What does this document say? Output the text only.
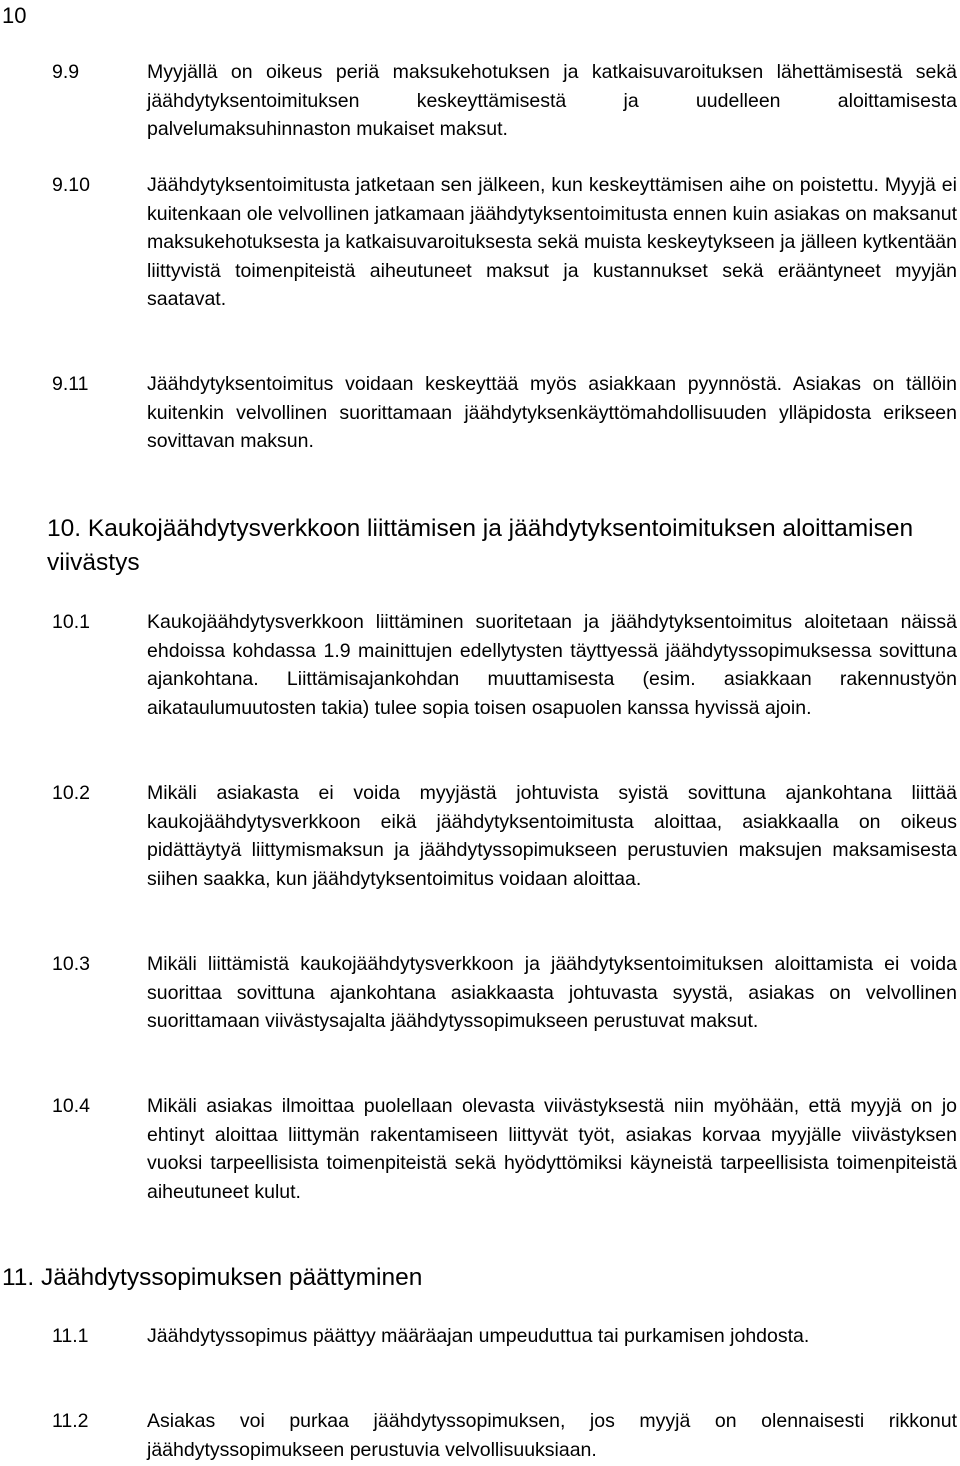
10
9.9	Myyjällä on oikeus periä maksukehotuksen ja katkaisuvaroituksen lähettämisestä sekä jäähdytyksentoimituksen keskeyttämisestä ja uudelleen aloittamisesta palvelumaksuhinnaston mukaiset maksut.
9.10	Jäähdytyksentoimitusta jatketaan sen jälkeen, kun keskeyttämisen aihe on poistettu. Myyjä ei kuitenkaan ole velvollinen jatkamaan jäähdytyksentoimitusta ennen kuin asiakas on maksanut maksukehotuksesta ja katkaisuvaroituksesta sekä muista keskeytykseen ja jälleen kytkentään liittyvistä toimenpiteistä aiheutuneet maksut ja kustannukset sekä erääntyneet myyjän saatavat.
9.11	Jäähdytyksentoimitus voidaan keskeyttää myös asiakkaan pyynnöstä. Asiakas on tällöin kuitenkin velvollinen suorittamaan jäähdytyksenkäyttömahdollisuuden ylläpidosta erikseen sovittavan maksun.
10. Kaukojäähdytysverkkoon liittämisen ja jäähdytyksentoimituksen aloittamisen viivästys
10.1	Kaukojäähdytysverkkoon liittäminen suoritetaan ja jäähdytyksentoimitus aloitetaan näissä ehdoissa kohdassa 1.9 mainittujen edellytysten täyttyessä jäähdytyssopimuksessa sovittuna ajankohtana. Liittämisajankohdan muuttamisesta (esim. asiakkaan rakennustyön aikataulumuutosten takia) tulee sopia toisen osapuolen kanssa hyvissä ajoin.
10.2	Mikäli asiakasta ei voida myyjästä johtuvista syistä sovittuna ajankohtana liittää kaukojäähdytysverkkoon eikä jäähdytyksentoimitusta aloittaa, asiakkaalla on oikeus pidättäytyä liittymismaksun ja jäähdytyssopimukseen perustuvien maksujen maksamisesta siihen saakka, kun jäähdytyksentoimitus voidaan aloittaa.
10.3	Mikäli liittämistä kaukojäähdytysverkkoon ja jäähdytyksentoimituksen aloittamista ei voida suorittaa sovittuna ajankohtana asiakkaasta johtuvasta syystä, asiakas on velvollinen suorittamaan viivästysajalta jäähdytyssopimukseen perustuvat maksut.
10.4	Mikäli asiakas ilmoittaa puolellaan olevasta viivästyksestä niin myöhään, että myyjä on jo ehtinyt aloittaa liittymän rakentamiseen liittyvät työt, asiakas korvaa myyjälle viivästyksen vuoksi tarpeellisista toimenpiteistä sekä hyödyttömiksi käyneistä tarpeellisista toimenpiteistä aiheutuneet kulut.
11. Jäähdytyssopimuksen päättyminen
11.1	Jäähdytyssopimus päättyy määräajan umpeuduttua tai purkamisen johdosta.
11.2	Asiakas voi purkaa jäähdytyssopimuksen, jos myyjä on olennaisesti rikkonut jäähdytyssopimukseen perustuvia velvollisuuksiaan.
